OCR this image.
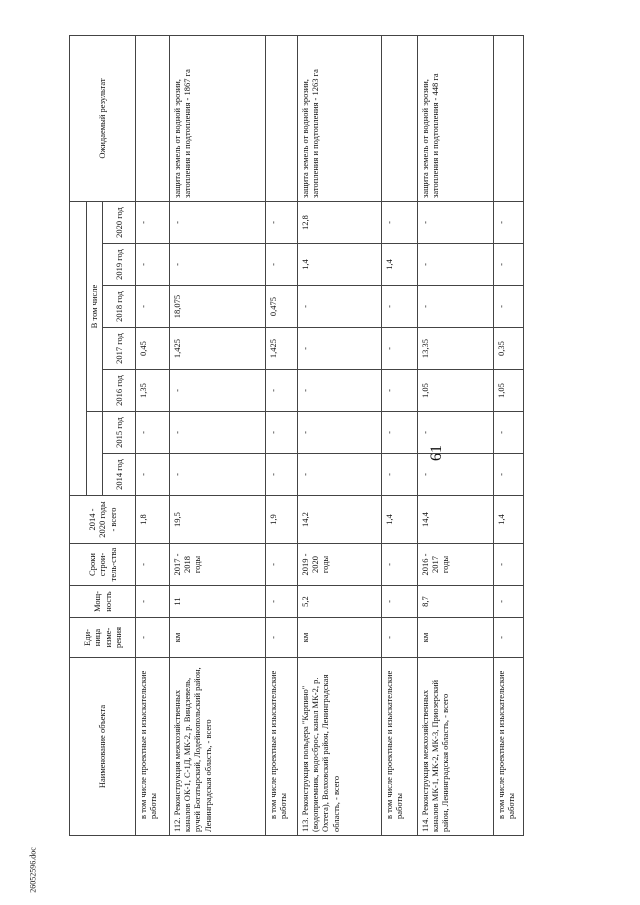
61
26052596.doc
Наименование объекта	Еди-ница изме-рения	Мощ-ность	Сроки строи-тель-ства	2014 - 2020 годы - всего								Ожидаемый результат
							В том числе					
					2014 год	2015 год	2016 год	2017 год	2018 год	2019 год	2020 год	
в том числе проектные и изыскательские работы	-	-	-	1,8	-	-	1,35	0,45	-	-	-	
112. Реконструкция межхозяйственных каналов ОК-1, С-1Д, МК-2, р. Виндзевель, ручей Богатырский, Лодейнопольский район, Ленинградская область, - всего	км	11	2017 - 2018 годы	19,5	-	-	-	1,425	18,075	-	-	защита земель от водной эрозии, затопления и подтопления - 1867 га
в том числе проектные и изыскательские работы	-	-	-	1,9	-	-	-	1,425	0,475	-	-	
113. Реконструкция польдера "Карпино" (водоприемник, водосброс, канал МК-2, р. Охтега), Волховский район, Ленинградская область, - всего	км	5,2	2019 - 2020 годы	14,2	-	-	-	-	-	1,4	12,8	защита земель от водной эрозии, затопления и подтопления - 1263 га
в том числе проектные и изыскательские работы	-	-	-	1,4	-	-	-	-	-	1,4	-	
114. Реконструкция межхозяйственных каналов МК-1, МК-2, МК-3, Приозерский район, Ленинградская область, - всего	км	8,7	2016 - 2017 годы	14,4	-	-	1,05	13,35	-	-	-	защита земель от водной эрозии, затопления и подтопления - 448 га
в том числе проектные и изыскательские работы	-	-	-	1,4	-	-	1,05	0,35	-	-	-	
